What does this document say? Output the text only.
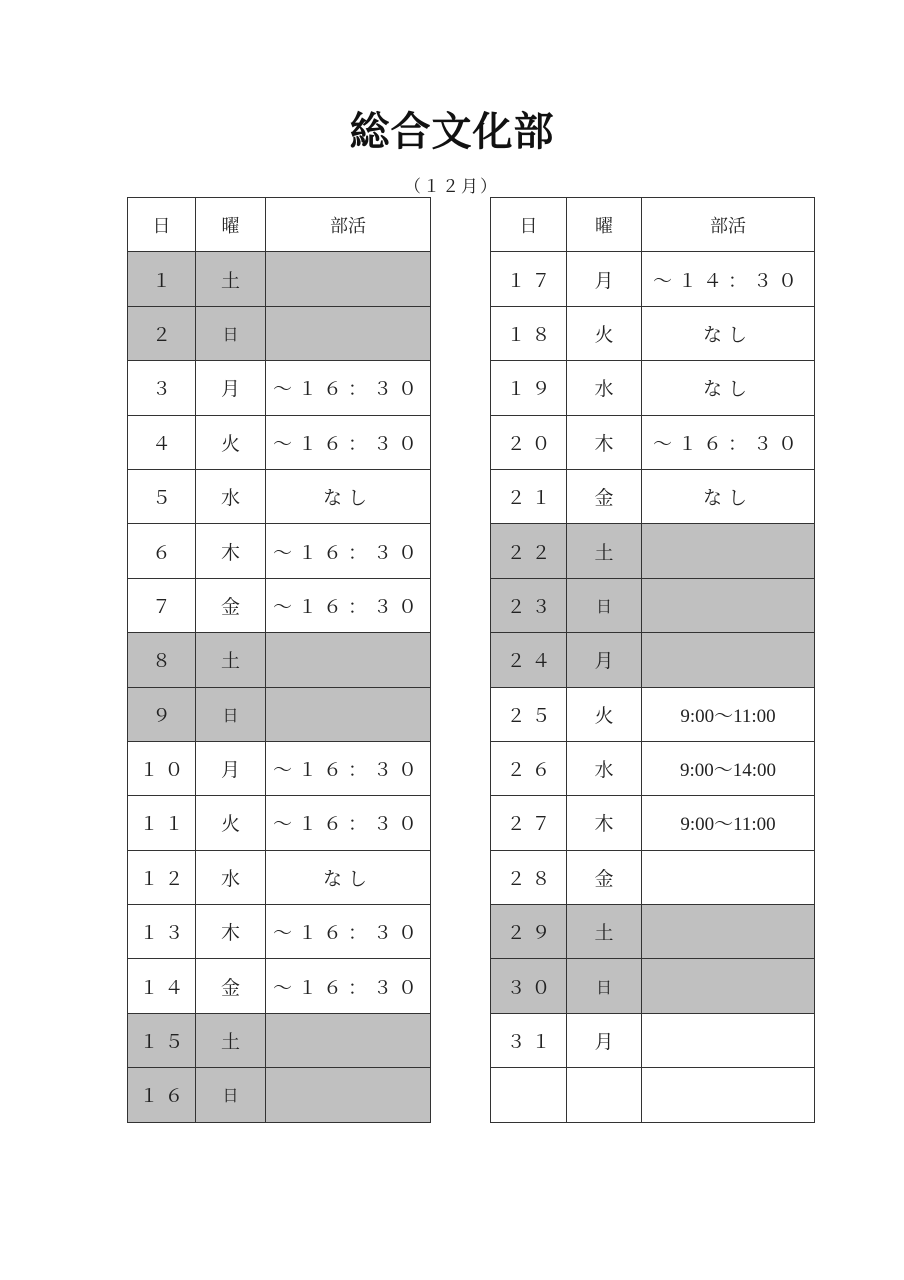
総合文化部
（１２月）
日	曜	部活
１	土	
２	日	
３	月	～１６：３０
４	火	～１６：３０
５	水	なし
６	木	～１６：３０
７	金	～１６：３０
８	土	
９	日	
１０	月	～１６：３０
１１	火	～１６：３０
１２	水	なし
１３	木	～１６：３０
１４	金	～１６：３０
１５	土	
１６	日	
日	曜	部活
１７	月	～１４：３０
１８	火	なし
１９	水	なし
２０	木	～１６：３０
２１	金	なし
２２	土	
２３	日	
２４	月	
２５	火	9:00～11:00
２６	水	9:00～14:00
２７	木	9:00～11:00
２８	金	
２９	土	
３０	日	
３１	月	
